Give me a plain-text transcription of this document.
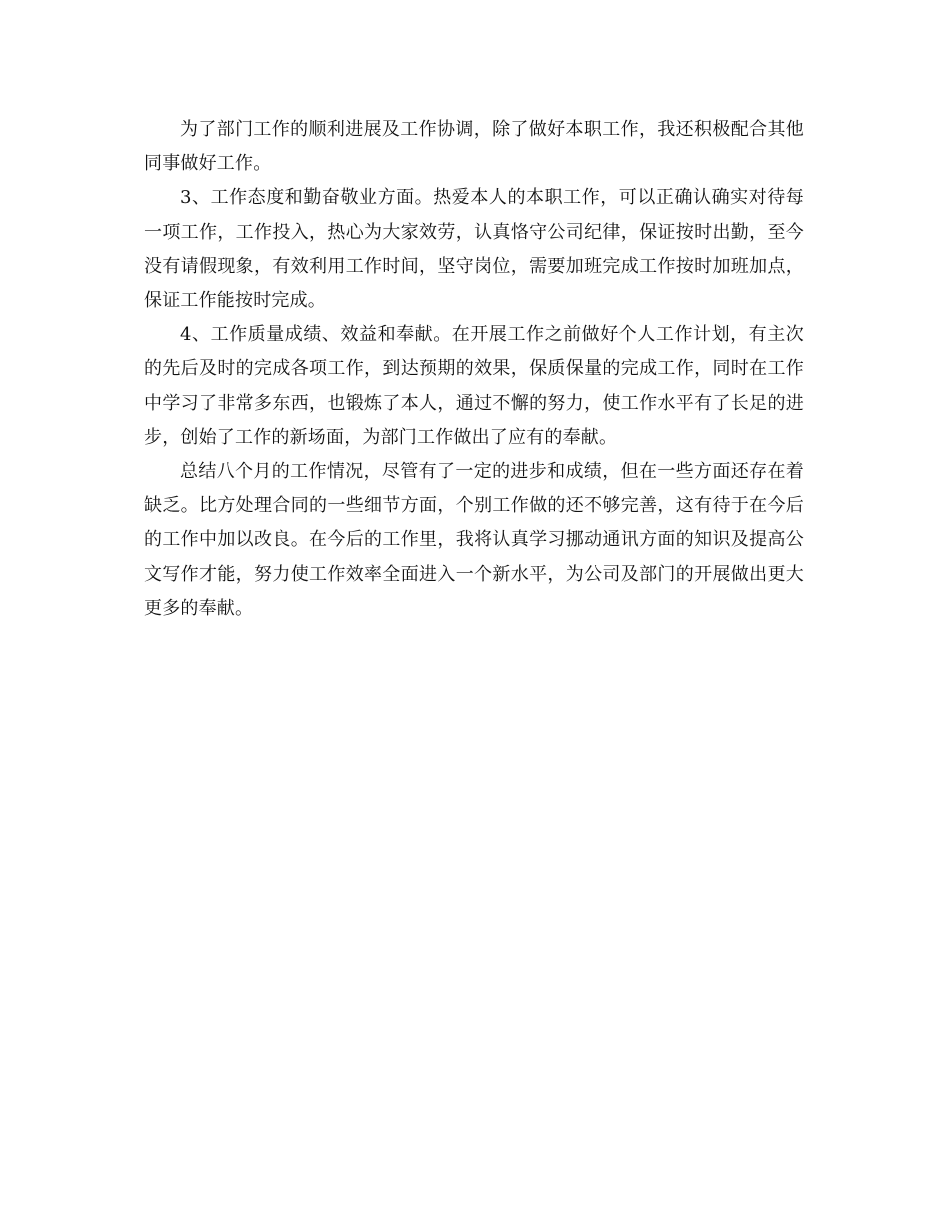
为了部门工作的顺利进展及工作协调，除了做好本职工作，我还积极配合其他同事做好工作。

3、工作态度和勤奋敬业方面。热爱本人的本职工作，可以正确认确实对待每一项工作，工作投入，热心为大家效劳，认真恪守公司纪律，保证按时出勤，至今没有请假现象，有效利用工作时间，坚守岗位，需要加班完成工作按时加班加点，保证工作能按时完成。

4、工作质量成绩、效益和奉献。在开展工作之前做好个人工作计划，有主次的先后及时的完成各项工作，到达预期的效果，保质保量的完成工作，同时在工作中学习了非常多东西，也锻炼了本人，通过不懈的努力，使工作水平有了长足的进步，创始了工作的新场面，为部门工作做出了应有的奉献。

总结八个月的工作情况，尽管有了一定的进步和成绩，但在一些方面还存在着缺乏。比方处理合同的一些细节方面，个别工作做的还不够完善，这有待于在今后的工作中加以改良。在今后的工作里，我将认真学习挪动通讯方面的知识及提高公文写作才能，努力使工作效率全面进入一个新水平，为公司及部门的开展做出更大更多的奉献。
